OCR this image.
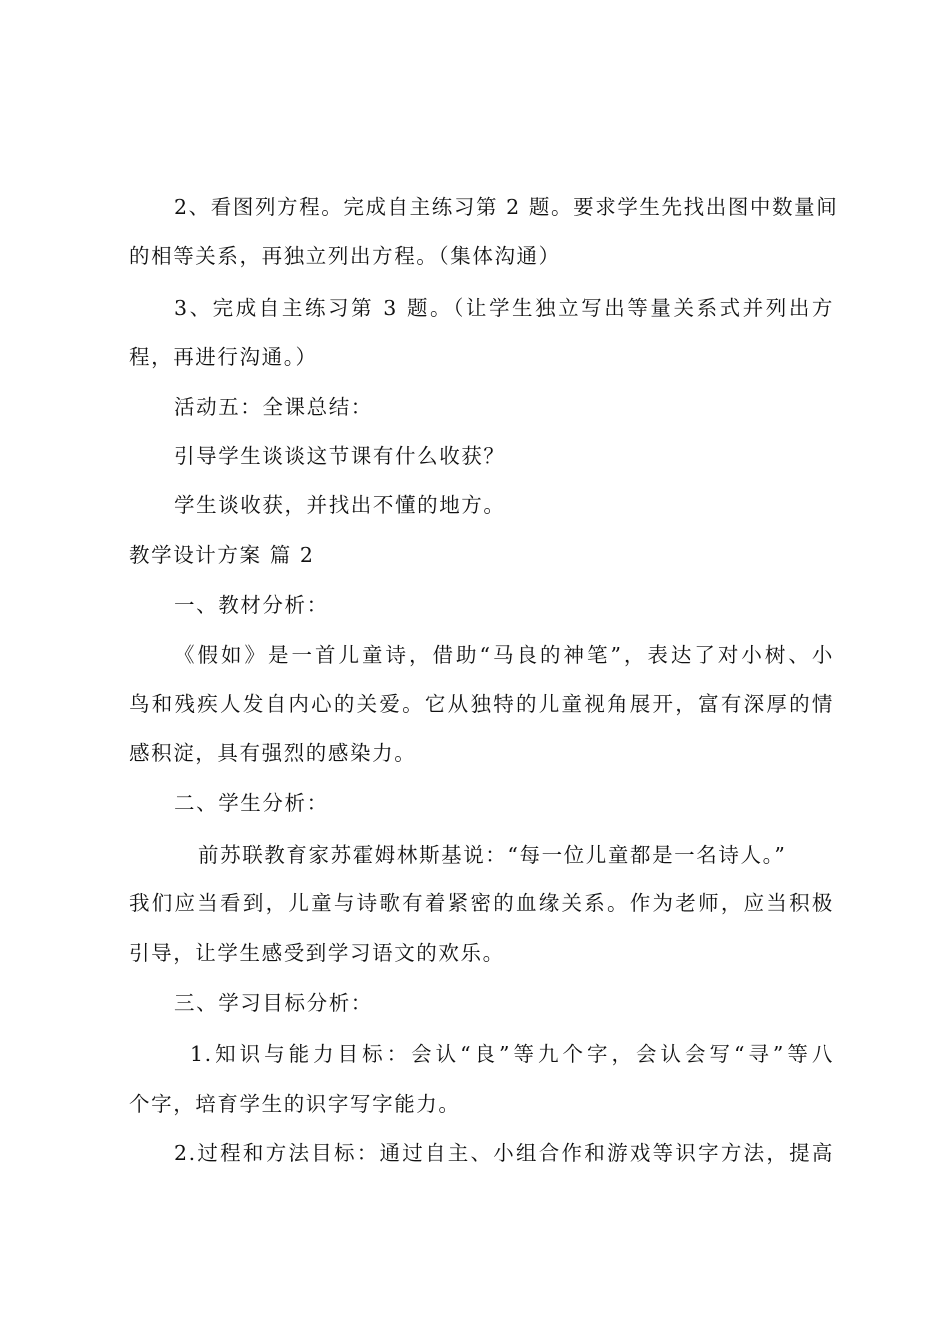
2、看图列方程。完成自主练习第 2 题。要求学生先找出图中数量间
的相等关系，再独立列出方程。（集体沟通）
3、完成自主练习第 3 题。（让学生独立写出等量关系式并列出方
程，再进行沟通。）
活动五：全课总结：
引导学生谈谈这节课有什么收获？
学生谈收获，并找出不懂的地方。
教学设计方案 篇 2
一、教材分析：
《假如》是一首儿童诗，借助“马良的神笔”，表达了对小树、小
鸟和残疾人发自内心的关爱。它从独特的儿童视角展开，富有深厚的情
感积淀，具有强烈的感染力。
二、学生分析：
前苏联教育家苏霍姆林斯基说：“每一位儿童都是一名诗人。”
我们应当看到，儿童与诗歌有着紧密的血缘关系。作为老师，应当积极
引导，让学生感受到学习语文的欢乐。
三、学习目标分析：
1.知识与能力目标：会认“良”等九个字，会认会写“寻”等八
个字，培育学生的识字写字能力。
2.过程和方法目标：通过自主、小组合作和游戏等识字方法，提高
